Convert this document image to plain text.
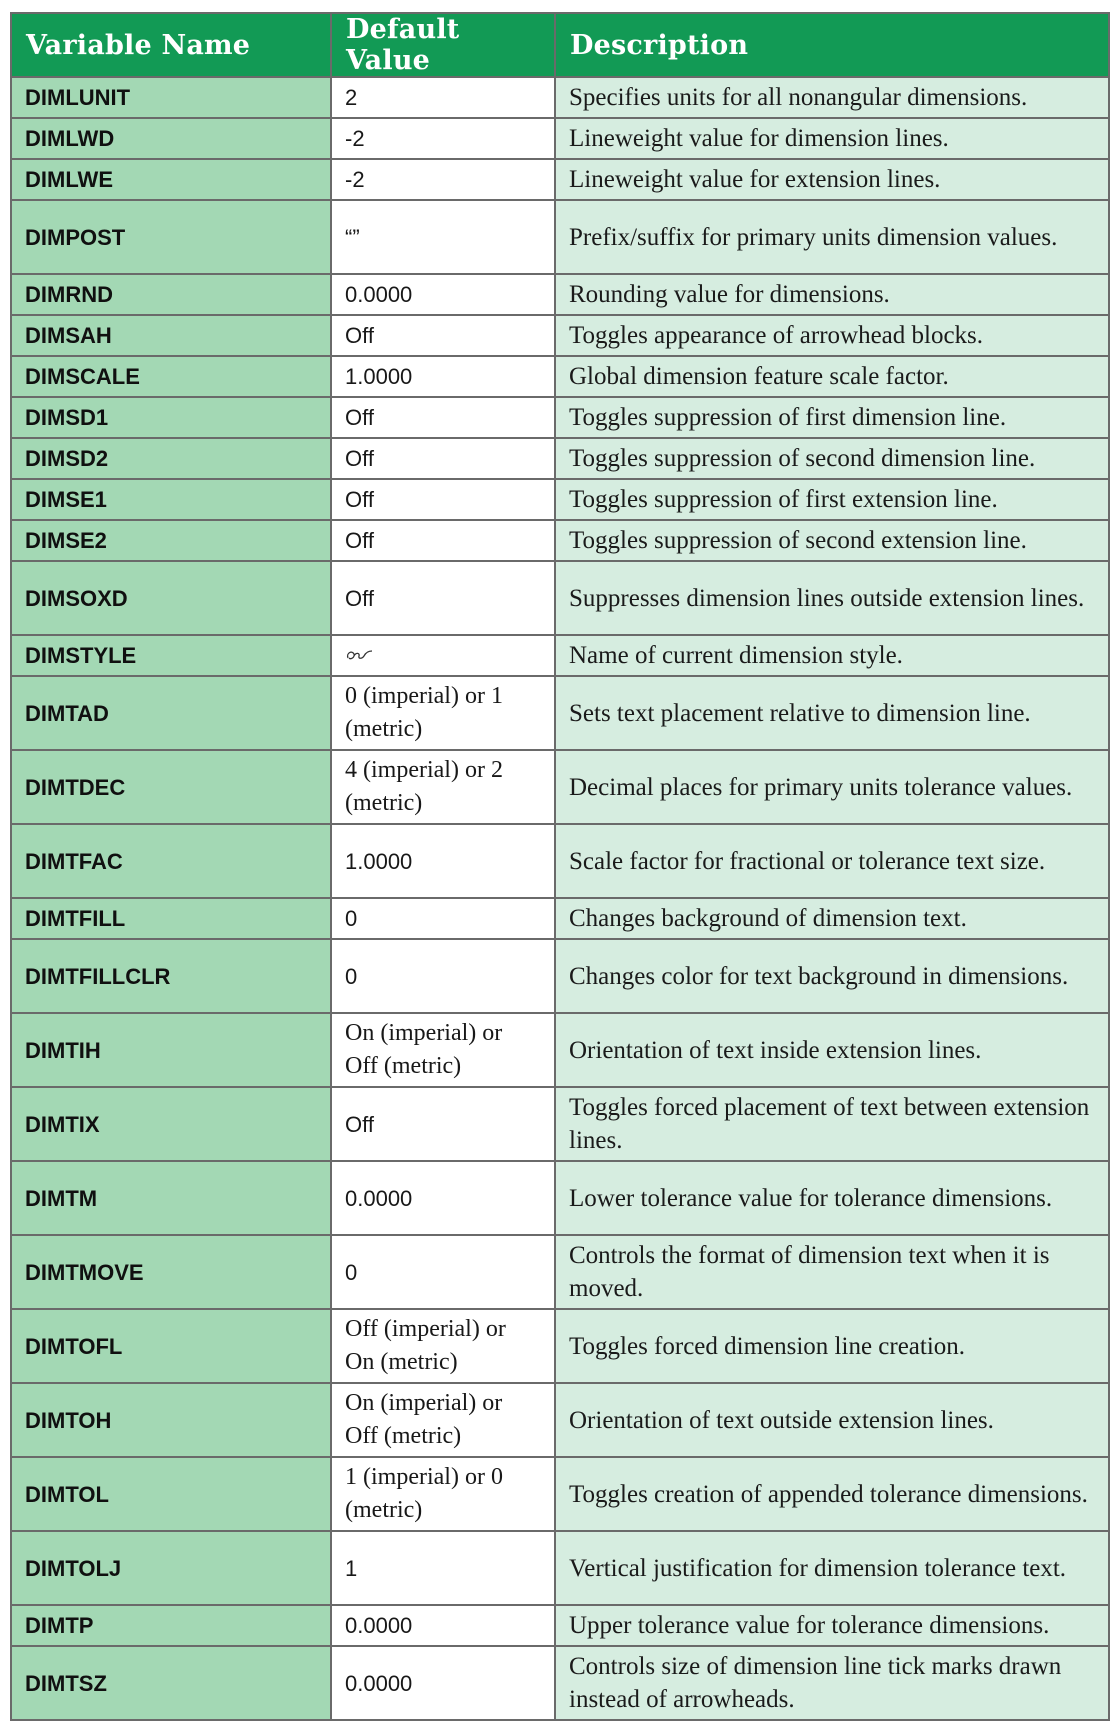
Variable Name	Default Value	Description
DIMLUNIT	2	Specifies units for all nonangular dimensions.
DIMLWD	-2	Lineweight value for dimension lines.
DIMLWE	-2	Lineweight value for extension lines.
DIMPOST	“”	Prefix/suffix for primary units dimension values.
DIMRND	0.0000	Rounding value for dimensions.
DIMSAH	Off	Toggles appearance of arrowhead blocks.
DIMSCALE	1.0000	Global dimension feature scale factor.
DIMSD1	Off	Toggles suppression of first dimension line.
DIMSD2	Off	Toggles suppression of second dimension line.
DIMSE1	Off	Toggles suppression of first extension line.
DIMSE2	Off	Toggles suppression of second extension line.
DIMSOXD	Off	Suppresses dimension lines outside extension lines.
DIMSTYLE		Name of current dimension style.
DIMTAD	0 (imperial) or 1 (metric)	Sets text placement relative to dimension line.
DIMTDEC	4 (imperial) or 2 (metric)	Decimal places for primary units tolerance values.
DIMTFAC	1.0000	Scale factor for fractional or tolerance text size.
DIMTFILL	0	Changes background of dimension text.
DIMTFILLCLR	0	Changes color for text background in dimensions.
DIMTIH	On (imperial) or Off (metric)	Orientation of text inside extension lines.
DIMTIX	Off	Toggles forced placement of text between extension lines.
DIMTM	0.0000	Lower tolerance value for tolerance dimensions.
DIMTMOVE	0	Controls the format of dimension text when it is moved.
DIMTOFL	Off (imperial) or On (metric)	Toggles forced dimension line creation.
DIMTOH	On (imperial) or Off (metric)	Orientation of text outside extension lines.
DIMTOL	1 (imperial) or 0 (metric)	Toggles creation of appended tolerance dimensions.
DIMTOLJ	1	Vertical justification for dimension tolerance text.
DIMTP	0.0000	Upper tolerance value for tolerance dimensions.
DIMTSZ	0.0000	Controls size of dimension line tick marks drawn instead of arrowheads.
